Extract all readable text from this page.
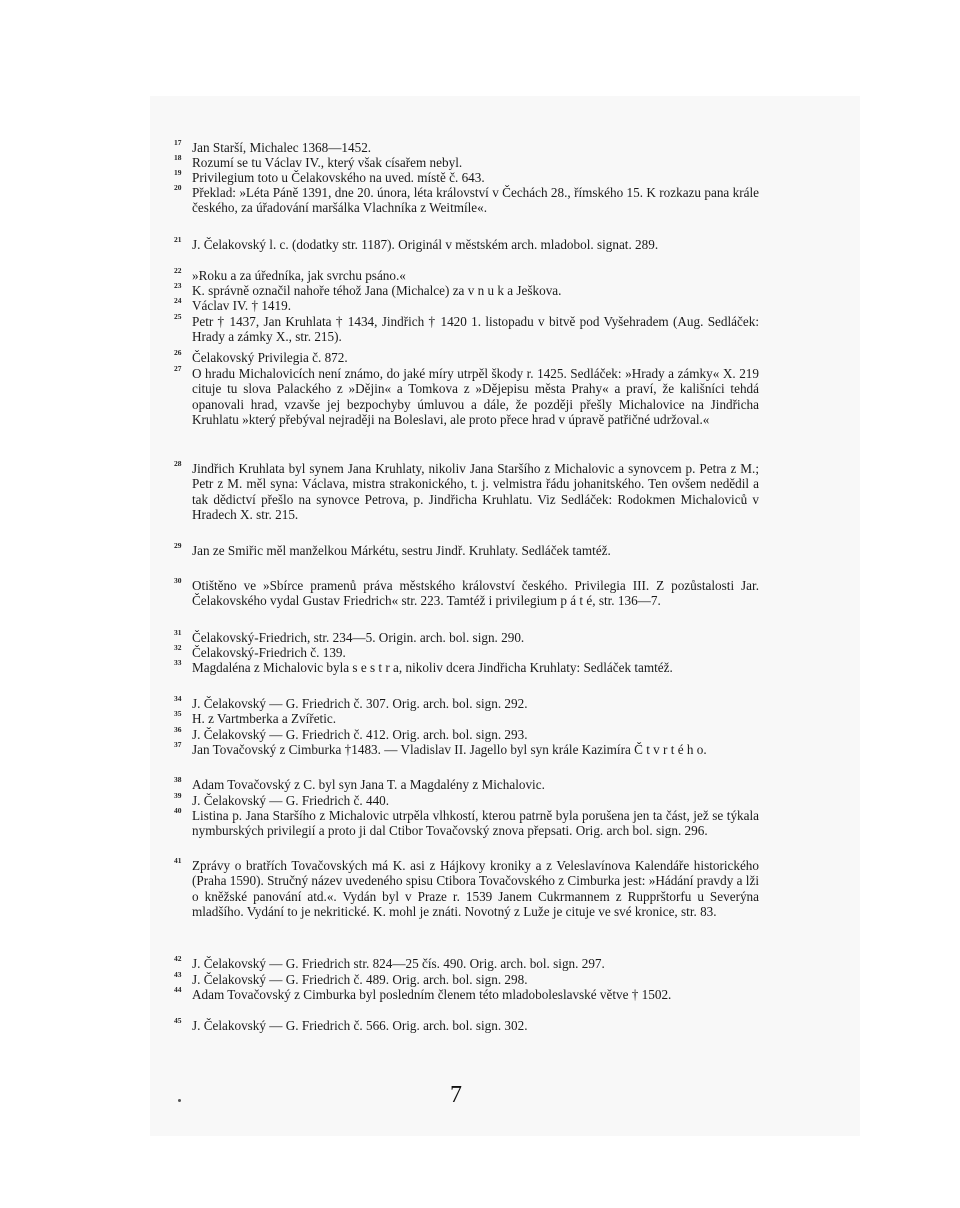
17 Jan Starší, Michalec 1368—1452.
18 Rozumí se tu Václav IV., který však císařem nebyl.
19 Privilegium toto u Čelakovského na uved. místě č. 643.
20 Překlad: »Léta Páně 1391, dne 20. února, léta království v Čechách 28., římského 15. K rozkazu pana krále českého, za úřadování maršálka Vlachníka z Weitmíle«.
21 J. Čelakovský l. c. (dodatky str. 1187). Originál v městském arch. mladobol. signat. 289.
22 »Roku a za úředníka, jak svrchu psáno.«
23 K. správně označil nahoře téhož Jana (Michalce) za v n u k a Ješkova.
24 Václav IV. † 1419.
25 Petr † 1437, Jan Kruhlata † 1434, Jindřich † 1420 1. listopadu v bitvě pod Vyšehradem (Aug. Sedláček: Hrady a zámky X., str. 215).
26 Čelakovský Privilegia č. 872.
27 O hradu Michalovicích není známo, do jaké míry utrpěl škody r. 1425. Sedláček: »Hrady a zámky« X. 219 cituje tu slova Palackého z »Dějin« a Tomkova z »Dějepisu města Prahy« a praví, že kališníci tehdá opanovali hrad, vzavše jej bezpochyby úmluvou a dále, že později přešly Michalovice na Jindřicha Kruhlatu »který přebýval nejraději na Boleslavi, ale proto přece hrad v úpravě patřičné udržoval.«
28 Jindřich Kruhlata byl synem Jana Kruhlaty, nikoliv Jana Staršího z Michalovic a synovcem p. Petra z M.; Petr z M. měl syna: Václava, mistra strakonického, t. j. velmistra řádu johanitského. Ten ovšem nedědil a tak dědictví přešlo na synovce Petrova, p. Jindřicha Kruhlatu. Viz Sedláček: Rodokmen Michaloviců v Hradech X. str. 215.
29 Jan ze Smiřic měl manželkou Márkétu, sestru Jindř. Kruhlaty. Sedláček tamtéž.
30 Otištěno ve »Sbírce pramenů práva městského království českého. Privilegia III. Z pozůstalosti Jar. Čelakovského vydal Gustav Friedrich« str. 223. Tamtéž i privilegium p á t é, str. 136—7.
31 Čelakovský-Friedrich, str. 234—5. Origin. arch. bol. sign. 290.
32 Čelakovský-Friedrich č. 139.
33 Magdaléna z Michalovic byla s e s t r a, nikoliv dcera Jindřicha Kruhlaty: Sedláček tamtéž.
34 J. Čelakovský — G. Friedrich č. 307. Orig. arch. bol. sign. 292.
35 H. z Vartmberka a Zvířetic.
36 J. Čelakovský — G. Friedrich č. 412. Orig. arch. bol. sign. 293.
37 Jan Tovačovský z Cimburka †1483. — Vladislav II. Jagello byl syn krále Kazimíra Č t v r t é h o.
38 Adam Tovačovský z C. byl syn Jana T. a Magdalény z Michalovic.
39 J. Čelakovský — G. Friedrich č. 440.
40 Listina p. Jana Staršího z Michalovic utrpěla vlhkostí, kterou patrně byla porušena jen ta část, jež se týkala nymburských privilegií a proto ji dal Ctibor Tovačovský znova přepsati. Orig. arch bol. sign. 296.
41 Zprávy o bratřích Tovačovských má K. asi z Hájkovy kroniky a z Veleslavínova Kalendáře historického (Praha 1590). Stručný název uvedeného spisu Ctibora Tovačovského z Cimburka jest: »Hádání pravdy a lži o kněžské panování atd.«. Vydán byl v Praze r. 1539 Janem Cukrmannem z Rupprštorfu u Severýna mladšího. Vydání to je nekritické. K. mohl je znáti. Novotný z Luže je cituje ve své kronice, str. 83.
42 J. Čelakovský — G. Friedrich str. 824—25 čís. 490. Orig. arch. bol. sign. 297.
43 J. Čelakovský — G. Friedrich č. 489. Orig. arch. bol. sign. 298.
44 Adam Tovačovský z Cimburka byl posledním členem této mladoboleslavské větve † 1502.
45 J. Čelakovský — G. Friedrich č. 566. Orig. arch. bol. sign. 302.
7
